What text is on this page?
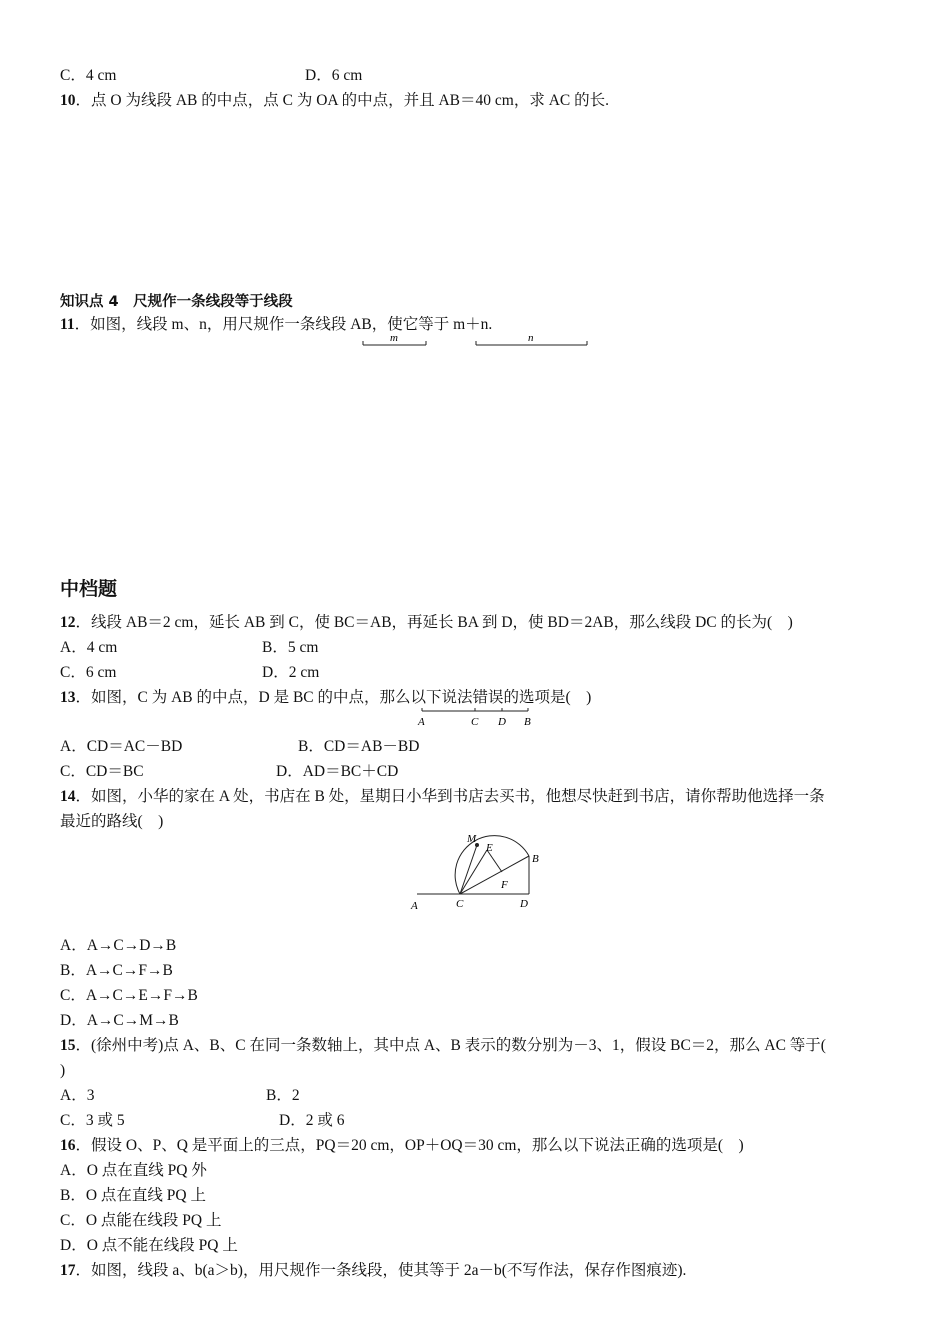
C．4 cm	D．6 cm
10．点 O 为线段 AB 的中点，点 C 为 OA 的中点，并且 AB＝40 cm，求 AC 的长.
知识点 4　尺规作一条线段等于线段
11．如图，线段 m、n，用尺规作一条线段 AB，使它等于 m＋n.
m	n
中档题
12．线段 AB＝2 cm，延长 AB 到 C，使 BC＝AB，再延长 BA 到 D，使 BD＝2AB，那么线段 DC 的长为(　)
A．4 cm	B．5 cm
C．6 cm	D．2 cm
13．如图，C 为 AB 的中点，D 是 BC 的中点，那么以下说法错误的选项是(　)
A	C D B
A．CD＝AC－BD	B．CD＝AB－BD
C．CD＝BC	D．AD＝BC＋CD
14．如图，小华的家在 A 处，书店在 B 处，星期日小华到书店去买书，他想尽快赶到书店，请你帮助他选择一条
最近的路线(　)
M
E
B
F
A	C	D
A．A→C→D→B
B．A→C→F→B
C．A→C→E→F→B
D．A→C→M→B
15．(徐州中考)点 A、B、C 在同一条数轴上，其中点 A、B 表示的数分别为－3、1，假设 BC＝2，那么 AC 等于(
)
A．3	B．2
C．3 或 5	D．2 或 6
16．假设 O、P、Q 是平面上的三点，PQ＝20 cm，OP＋OQ＝30 cm，那么以下说法正确的选项是(　)
A．O 点在直线 PQ 外
B．O 点在直线 PQ 上
C．O 点能在线段 PQ 上
D．O 点不能在线段 PQ 上
17．如图，线段 a、b(a＞b)，用尺规作一条线段，使其等于 2a－b(不写作法，保存作图痕迹).
